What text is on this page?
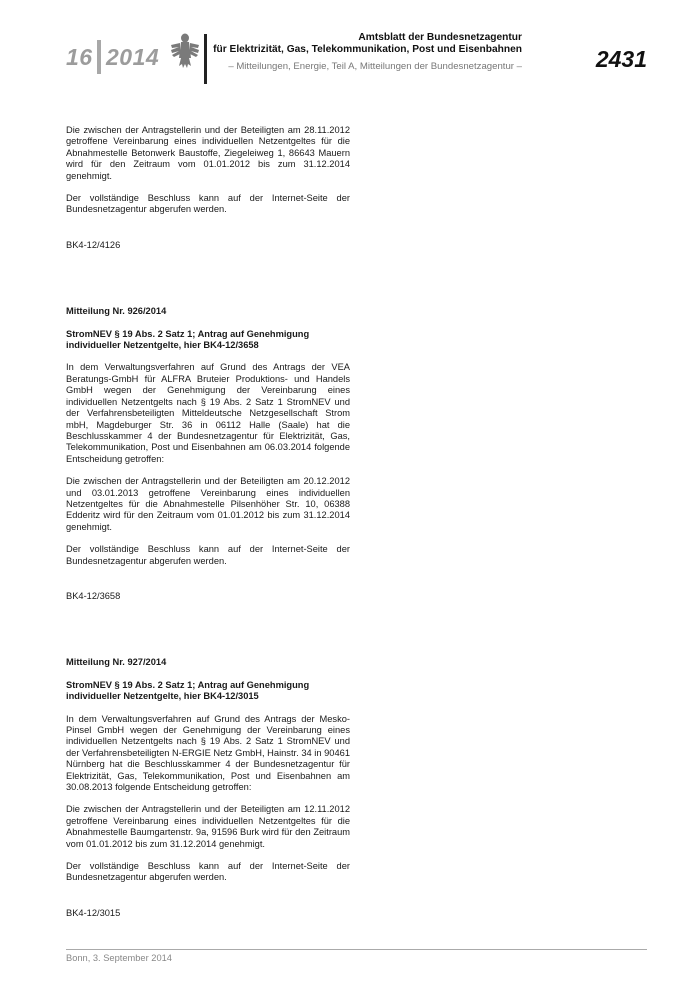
16 2014
Amtsblatt der Bundesnetzagentur
für Elektrizität, Gas, Telekommunikation, Post und Eisenbahnen
– Mitteilungen, Energie, Teil A, Mitteilungen der Bundesnetzagentur –	2431

Die zwischen der Antragstellerin und der Beteiligten am 28.11.2012 getroffene Vereinbarung eines individuellen Netzentgeltes für die Abnahmestelle Betonwerk Baustoffe, Ziegeleiweg 1, 86643 Mauern wird für den Zeitraum vom 01.01.2012 bis zum 31.12.2014 genehmigt.

Der vollständige Beschluss kann auf der Internet-Seite der Bundesnetzagentur abgerufen werden.

BK4-12/4126
Mitteilung Nr. 926/2014
StromNEV § 19 Abs. 2 Satz 1; Antrag auf Genehmigung individueller Netzentgelte, hier BK4-12/3658

In dem Verwaltungsverfahren auf Grund des Antrags der VEA Beratungs-GmbH für ALFRA Bruteier Produktions- und Handels GmbH wegen der Genehmigung der Vereinbarung eines individuellen Netzentgelts nach § 19 Abs. 2 Satz 1 StromNEV und der Verfahrensbeteiligten Mitteldeutsche Netzgesellschaft Strom mbH, Magdeburger Str. 36 in 06112 Halle (Saale) hat die Beschlusskammer 4 der Bundesnetzagentur für Elektrizität, Gas, Telekommunikation, Post und Eisenbahnen am 06.03.2014 folgende Entscheidung getroffen:

Die zwischen der Antragstellerin und der Beteiligten am 20.12.2012 und 03.01.2013 getroffene Vereinbarung eines individuellen Netzentgeltes für die Abnahmestelle Pilsenhöher Str. 10, 06388 Edderitz wird für den Zeitraum vom 01.01.2012 bis zum 31.12.2014 genehmigt.

Der vollständige Beschluss kann auf der Internet-Seite der Bundesnetzagentur abgerufen werden.

BK4-12/3658
Mitteilung Nr. 927/2014
StromNEV § 19 Abs. 2 Satz 1; Antrag auf Genehmigung individueller Netzentgelte, hier BK4-12/3015

In dem Verwaltungsverfahren auf Grund des Antrags der Mesko-Pinsel GmbH wegen der Genehmigung der Vereinbarung eines individuellen Netzentgelts nach § 19 Abs. 2 Satz 1 StromNEV und der Verfahrensbeteiligten N-ERGIE Netz GmbH, Hainstr. 34 in 90461 Nürnberg hat die Beschlusskammer 4 der Bundesnetzagentur für Elektrizität, Gas, Telekommunikation, Post und Eisenbahnen am 30.08.2013 folgende Entscheidung getroffen:

Die zwischen der Antragstellerin und der Beteiligten am 12.11.2012 getroffene Vereinbarung eines individuellen Netzentgeltes für die Abnahmestelle Baumgartenstr. 9a, 91596 Burk wird für den Zeitraum vom 01.01.2012 bis zum 31.12.2014 genehmigt.

Der vollständige Beschluss kann auf der Internet-Seite der Bundesnetzagentur abgerufen werden.

BK4-12/3015
Bonn, 3. September 2014
